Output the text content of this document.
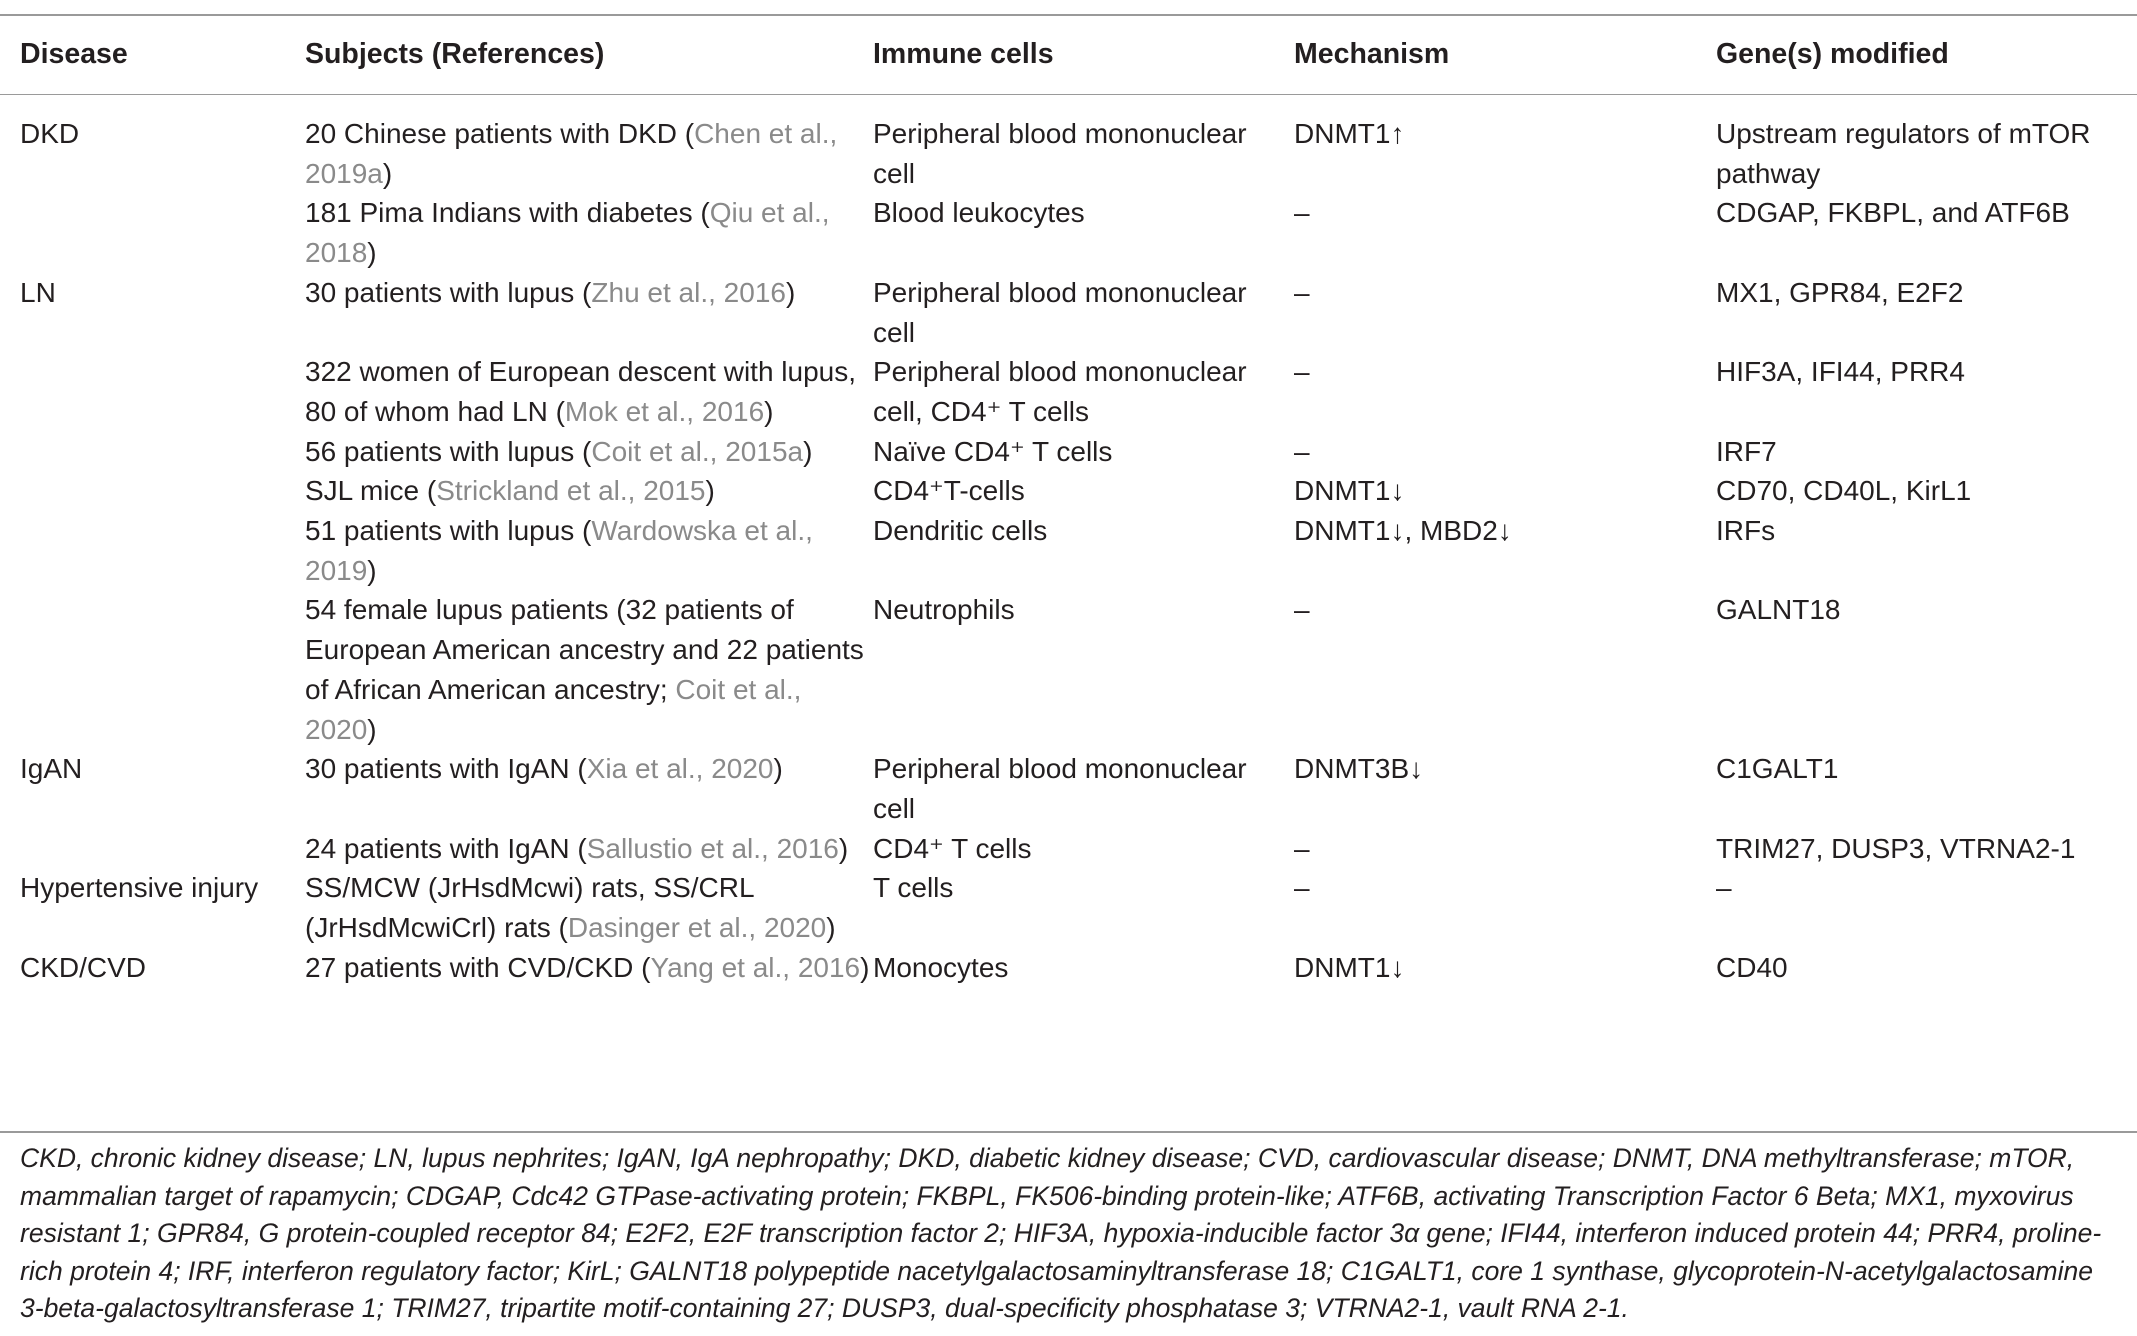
Disease	Subjects (References)	Immune cells	Mechanism	Gene(s) modified
DKD	20 Chinese patients with DKD (Chen et al., 2019a)	Peripheral blood mononuclear cell	DNMT1↑	Upstream regulators of mTOR pathway
	181 Pima Indians with diabetes (Qiu et al., 2018)	Blood leukocytes	–	CDGAP, FKBPL, and ATF6B
LN	30 patients with lupus (Zhu et al., 2016)	Peripheral blood mononuclear cell	–	MX1, GPR84, E2F2
	322 women of European descent with lupus, 80 of whom had LN (Mok et al., 2016)	Peripheral blood mononuclear cell, CD4⁺ T cells	–	HIF3A, IFI44, PRR4
	56 patients with lupus (Coit et al., 2015a)	Naïve CD4⁺ T cells	–	IRF7
	SJL mice (Strickland et al., 2015)	CD4⁺T-cells	DNMT1↓	CD70, CD40L, KirL1
	51 patients with lupus (Wardowska et al., 2019)	Dendritic cells	DNMT1↓, MBD2↓	IRFs
	54 female lupus patients (32 patients of European American ancestry and 22 patients of African American ancestry; Coit et al., 2020)	Neutrophils	–	GALNT18
IgAN	30 patients with IgAN (Xia et al., 2020)	Peripheral blood mononuclear cell	DNMT3B↓	C1GALT1
	24 patients with IgAN (Sallustio et al., 2016)	CD4⁺ T cells	–	TRIM27, DUSP3, VTRNA2-1
Hypertensive injury	SS/MCW (JrHsdMcwi) rats, SS/CRL (JrHsdMcwiCrl) rats (Dasinger et al., 2020)	T cells	–	–
CKD/CVD	27 patients with CVD/CKD (Yang et al., 2016)	Monocytes	DNMT1↓	CD40
CKD, chronic kidney disease; LN, lupus nephrites; IgAN, IgA nephropathy; DKD, diabetic kidney disease; CVD, cardiovascular disease; DNMT, DNA methyltransferase; mTOR, mammalian target of rapamycin; CDGAP, Cdc42 GTPase-activating protein; FKBPL, FK506-binding protein-like; ATF6B, activating Transcription Factor 6 Beta; MX1, myxovirus resistant 1; GPR84, G protein-coupled receptor 84; E2F2, E2F transcription factor 2; HIF3A, hypoxia-inducible factor 3α gene; IFI44, interferon induced protein 44; PRR4, proline-rich protein 4; IRF, interferon regulatory factor; KirL; GALNT18 polypeptide nacetylgalactosaminyltransferase 18; C1GALT1, core 1 synthase, glycoprotein-N-acetylgalactosamine 3-beta-galactosyltransferase 1; TRIM27, tripartite motif-containing 27; DUSP3, dual-specificity phosphatase 3; VTRNA2-1, vault RNA 2-1.
